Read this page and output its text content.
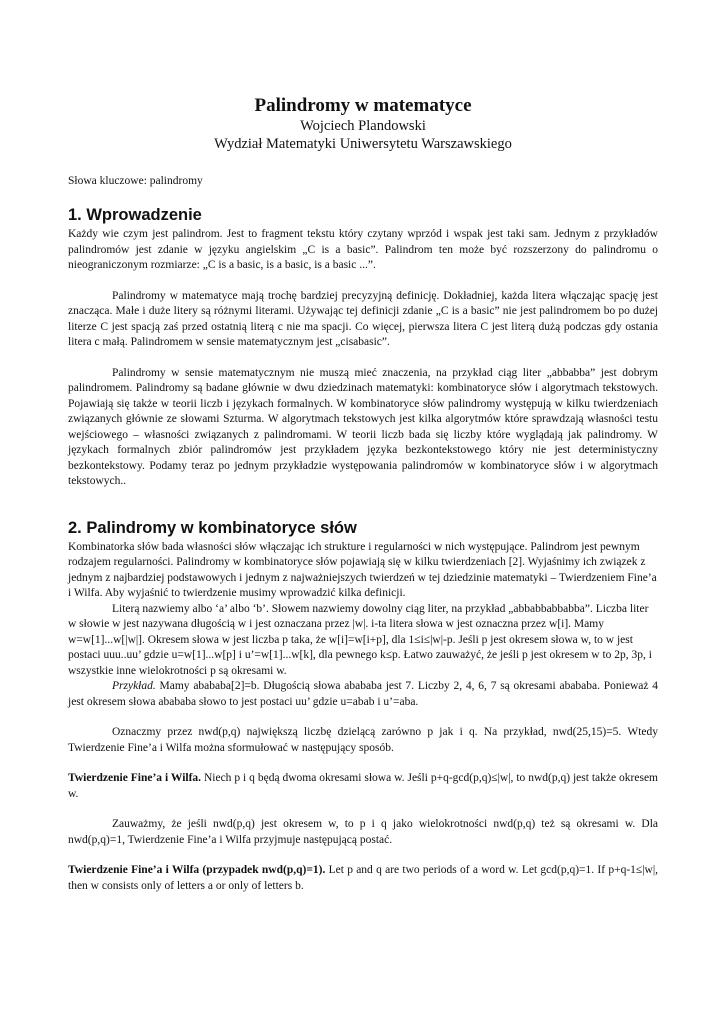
Palindromy w matematyce
Wojciech Plandowski
Wydział Matematyki Uniwersytetu Warszawskiego
Słowa kluczowe: palindromy
1. Wprowadzenie

Każdy wie czym jest palindrom. Jest to fragment tekstu który czytany wprzód i wspak jest taki sam. Jednym z przykładów palindromów jest zdanie w języku angielskim „C is a basic”. Palindrom ten może być rozszerzony do palindromu o nieograniczonym rozmiarze: „C is a basic, is a basic, is a basic ...”.

Palindromy w matematyce mają trochę bardziej precyzyjną definicję. Dokładniej, każda litera włączając spację jest znacząca. Małe i duże litery są różnymi literami. Używając tej definicji zdanie „C is a basic” nie jest palindromem bo po dużej literze C jest spacją zaś przed ostatnią literą c nie ma spacji. Co więcej, pierwsza litera C jest literą dużą podczas gdy ostania litera c małą. Palindromem w sensie matematycznym jest „cisabasic”.

Palindromy w sensie matematycznym nie muszą mieć znaczenia, na przykład ciąg liter „abbabba” jest dobrym palindromem. Palindromy są badane głównie w dwu dziedzinach matematyki: kombinatoryce słów i algorytmach tekstowych. Pojawiają się także w teorii liczb i językach formalnych. W kombinatoryce słów palindromy występują w kilku twierdzeniach związanych głównie ze słowami Szturma. W algorytmach tekstowych jest kilka algorytmów które sprawdzają własności testu wejściowego – własności związanych z palindromami. W teorii liczb bada się liczby które wyglądają jak palindromy. W językach formalnych zbiór palindromów jest przykładem języka bezkontekstowego który nie jest deterministyczny bezkontekstowy. Podamy teraz po jednym przykładzie występowania palindromów w kombinatoryce słów i w algorytmach tekstowych..

2. Palindromy w kombinatoryce słów

Kombinatorka słów bada własności słów włączając ich strukture i regularności w nich występujące. Palindrom jest pewnym rodzajem regularności. Palindromy w kombinatoryce słów pojawiają się w kilku twierdzeniach [2]. Wyjaśnimy ich związek z jednym z najbardziej podstawowych i jednym z najważniejszych twierdzeń w tej dziedzinie matematyki – Twierdzeniem Fine’a i Wilfa. Aby wyjaśnić to twierdzenie musimy wprowadzić kilka definicji.

Literą nazwiemy albo ‘a’ albo ‘b’. Słowem nazwiemy dowolny ciąg liter, na przykład „abbabbabbabba”. Liczba liter w słowie w jest nazywana długością w i jest oznaczana przez |w|. i-ta litera słowa w jest oznaczna przez w[i]. Mamy w=w[1]...w[|w|]. Okresem słowa w jest liczba p taka, że w[i]=w[i+p], dla 1≤i≤|w|-p. Jeśli p jest okresem słowa w, to w jest postaci uuu..uu’ gdzie u=w[1]...w[p] i u’=w[1]...w[k], dla pewnego k≤p. Łatwo zauważyć, że jeśli p jest okresem w to 2p, 3p, i wszystkie inne wielokrotności p są okresami w.

Przykład. Mamy abababa[2]=b. Długością słowa abababa jest 7. Liczby 2, 4, 6, 7 są okresami abababa. Ponieważ 4 jest okresem słowa abababa słowo to jest postaci uu’ gdzie u=abab i u’=aba.

Oznaczmy przez nwd(p,q) największą liczbę dzielącą zarówno p jak i q. Na przykład, nwd(25,15)=5. Wtedy Twierdzenie Fine’a i Wilfa można sformułować w następujący sposób.

Twierdzenie Fine’a i Wilfa. Niech p i q będą dwoma okresami słowa w. Jeśli p+q-gcd(p,q)≤|w|, to nwd(p,q) jest także okresem w.

Zauważmy, że jeśli nwd(p,q) jest okresem w, to p i q jako wielokrotności nwd(p,q) też są okresami w. Dla nwd(p,q)=1, Twierdzenie Fine’a i Wilfa przyjmuje następującą postać.

Twierdzenie Fine’a i Wilfa (przypadek nwd(p,q)=1). Let p and q are two periods of a word w. Let gcd(p,q)=1. If p+q-1≤|w|, then w consists only of letters a or only of letters b.
